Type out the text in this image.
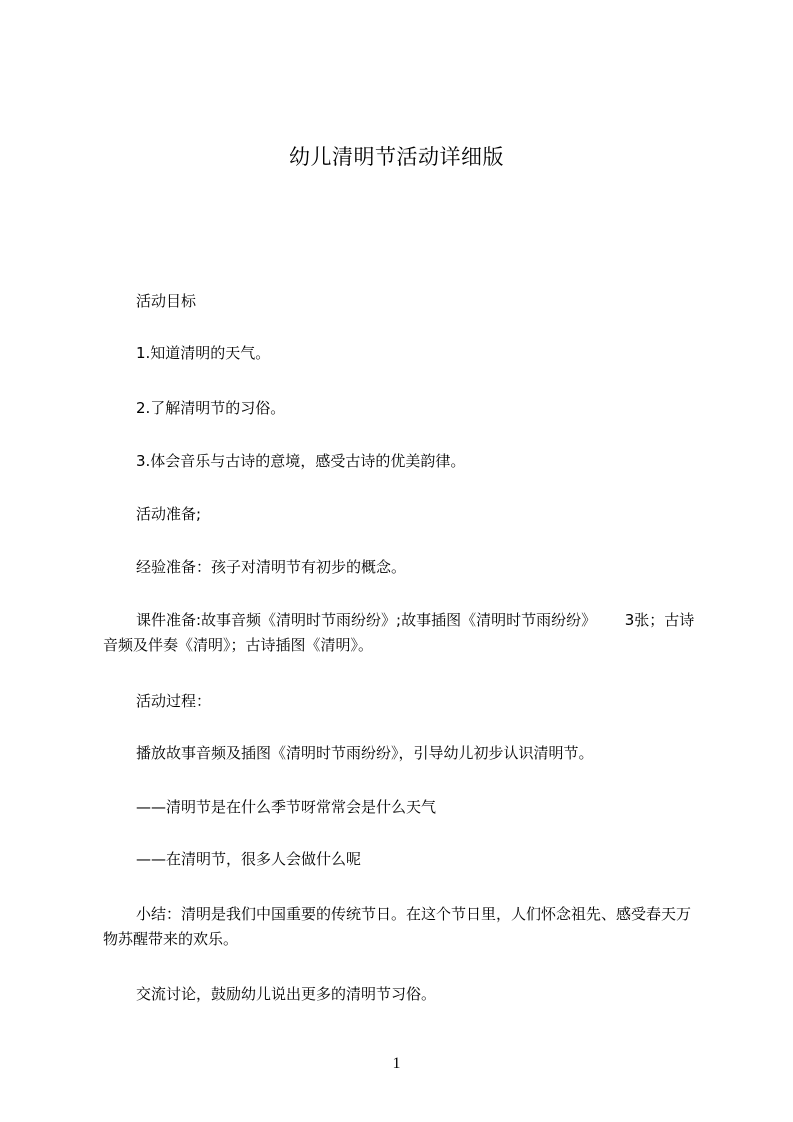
幼儿清明节活动详细版
活动目标
1.知道清明的天气。
2.了解清明节的习俗。
3.体会音乐与古诗的意境，感受古诗的优美韵律。
活动准备;
经验准备：孩子对清明节有初步的概念。
课件准备:故事音频《清明时节雨纷纷》;故事插图《清明时节雨纷纷》      3张；古诗音频及伴奏《清明》；古诗插图《清明》。
活动过程：
播放故事音频及插图《清明时节雨纷纷》，引导幼儿初步认识清明节。
——清明节是在什么季节呀常常会是什么天气
——在清明节，很多人会做什么呢
小结：清明是我们中国重要的传统节日。在这个节日里，人们怀念祖先、感受春天万物苏醒带来的欢乐。
交流讨论，鼓励幼儿说出更多的清明节习俗。
1
